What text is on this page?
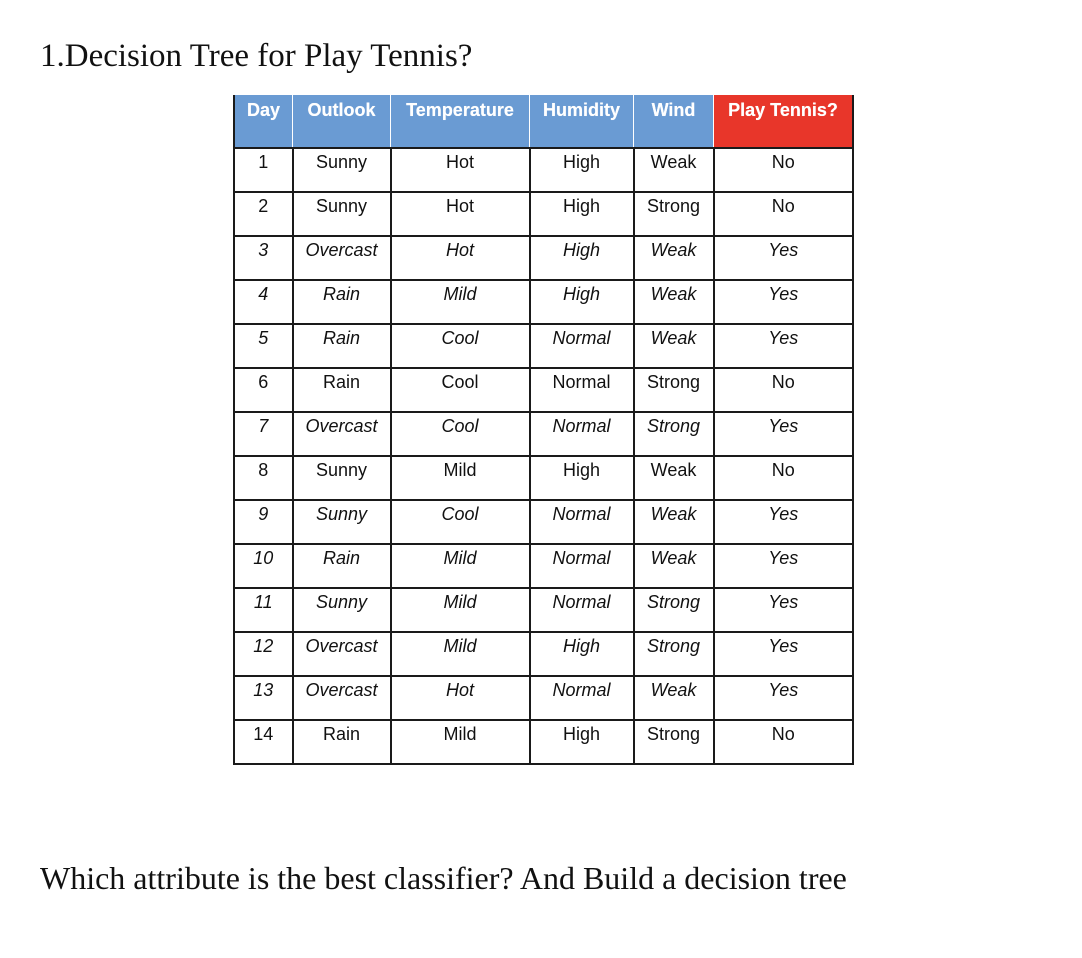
1.Decision Tree for Play Tennis?
Day	Outlook	Temperature	Humidity	Wind	Play Tennis?
1	Sunny	Hot	High	Weak	No
2	Sunny	Hot	High	Strong	No
3	Overcast	Hot	High	Weak	Yes
4	Rain	Mild	High	Weak	Yes
5	Rain	Cool	Normal	Weak	Yes
6	Rain	Cool	Normal	Strong	No
7	Overcast	Cool	Normal	Strong	Yes
8	Sunny	Mild	High	Weak	No
9	Sunny	Cool	Normal	Weak	Yes
10	Rain	Mild	Normal	Weak	Yes
11	Sunny	Mild	Normal	Strong	Yes
12	Overcast	Mild	High	Strong	Yes
13	Overcast	Hot	Normal	Weak	Yes
14	Rain	Mild	High	Strong	No

Which attribute is the best classifier? And Build a decision tree
